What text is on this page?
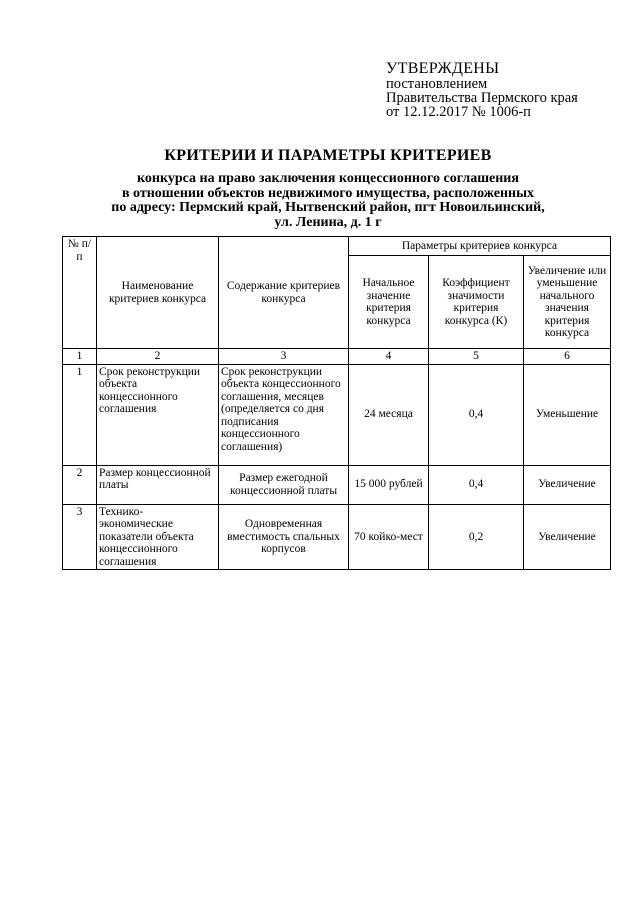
УТВЕРЖДЕНЫ
постановлением
Правительства Пермского края
от 12.12.2017 № 1006-п
КРИТЕРИИ И ПАРАМЕТРЫ КРИТЕРИЕВ
конкурса на право заключения концессионного соглашения
в отношении объектов недвижимого имущества, расположенных
по адресу: Пермский край, Нытвенский район, пгт Новоильинский,
ул. Ленина, д. 1 г
№ п/п	Наименование критериев конкурса	Содержание критериев конкурса	Параметры критериев конкурса		
			Начальное значение критерия конкурса	Коэффициент значимости критерия конкурса (К)	Увеличение или уменьшение начального значения критерия конкурса
1	2	3	4	5	6
1	Срок реконструкции объекта концессионного соглашения	Срок реконструкции объекта концессионного соглашения, месяцев (определяется со дня подписания концессионного соглашения)	24 месяца	0,4	Уменьшение
2	Размер концессионной платы	Размер ежегодной концессионной платы	15 000 рублей	0,4	Увеличение
3	Технико-экономические показатели объекта концессионного соглашения	Одновременная вместимость спальных корпусов	70 койко-мест	0,2	Увеличение
